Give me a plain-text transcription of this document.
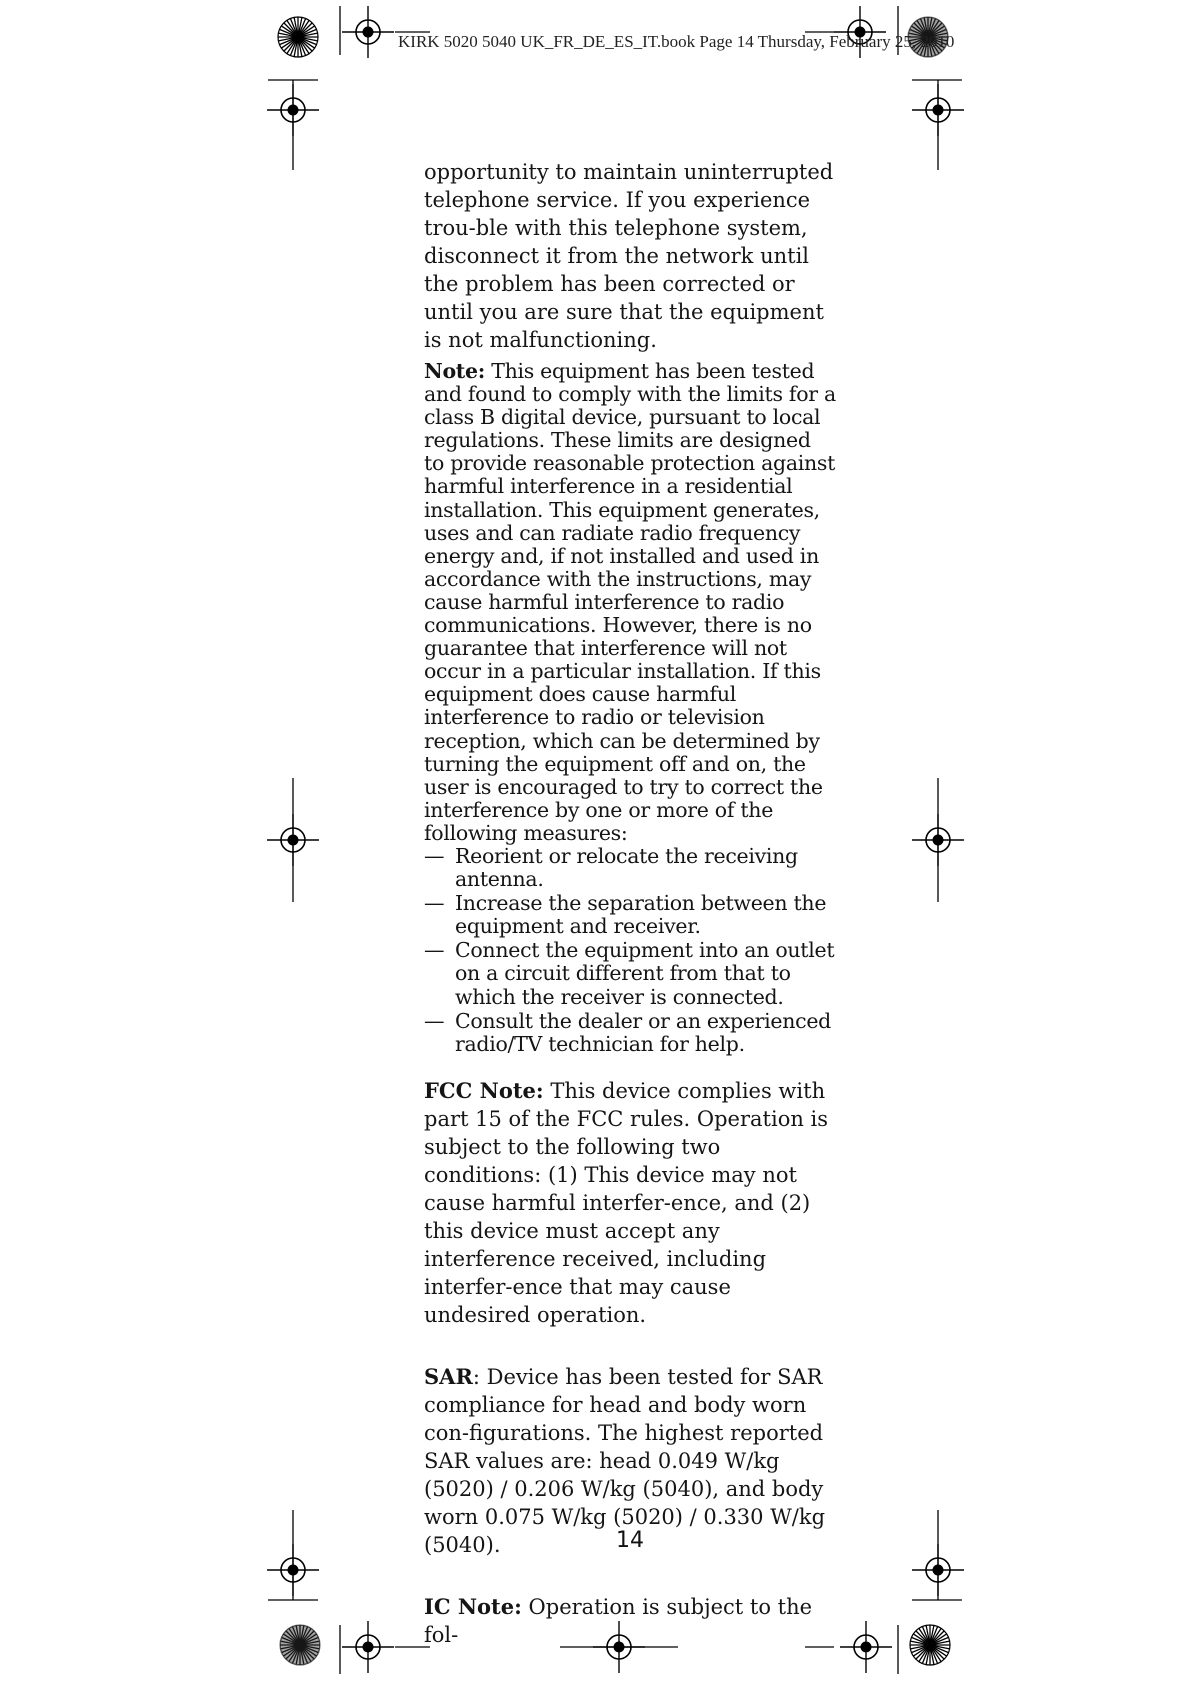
KIRK 5020 5040 UK_FR_DE_ES_IT.book Page 14 Thursday, February 25, 2010

opportunity to maintain uninterrupted telephone service. If you experience trou-ble with this telephone system, disconnect it from the network until the problem has been corrected or until you are sure that the equipment is not malfunctioning.

Note: This equipment has been tested and found to comply with the limits for a class B digital device, pursuant to local regulations. These limits are designed to provide reasonable protection against harmful interference in a residential installation. This equipment generates, uses and can radiate radio frequency energy and, if not installed and used in accordance with the instructions, may cause harmful interference to radio communications. However, there is no guarantee that interference will not occur in a particular installation. If this equipment does cause harmful interference to radio or television reception, which can be determined by turning the equipment off and on, the user is encouraged to try to correct the interference by one or more of the following measures:

— Reorient or relocate the receiving antenna.
— Increase the separation between the equipment and receiver.
— Connect the equipment into an outlet on a circuit different from that to which the receiver is connected.
— Consult the dealer or an experienced radio/TV technician for help.

FCC Note: This device complies with part 15 of the FCC rules. Operation is subject to the following two conditions: (1) This device may not cause harmful interfer-ence, and (2) this device must accept any interference received, including interfer-ence that may cause undesired operation.

SAR: Device has been tested for SAR compliance for head and body worn con-figurations. The highest reported SAR values are: head 0.049 W/kg (5020) / 0.206 W/kg (5040), and body worn 0.075 W/kg (5020) / 0.330 W/kg (5040).

IC Note: Operation is subject to the fol-

14
